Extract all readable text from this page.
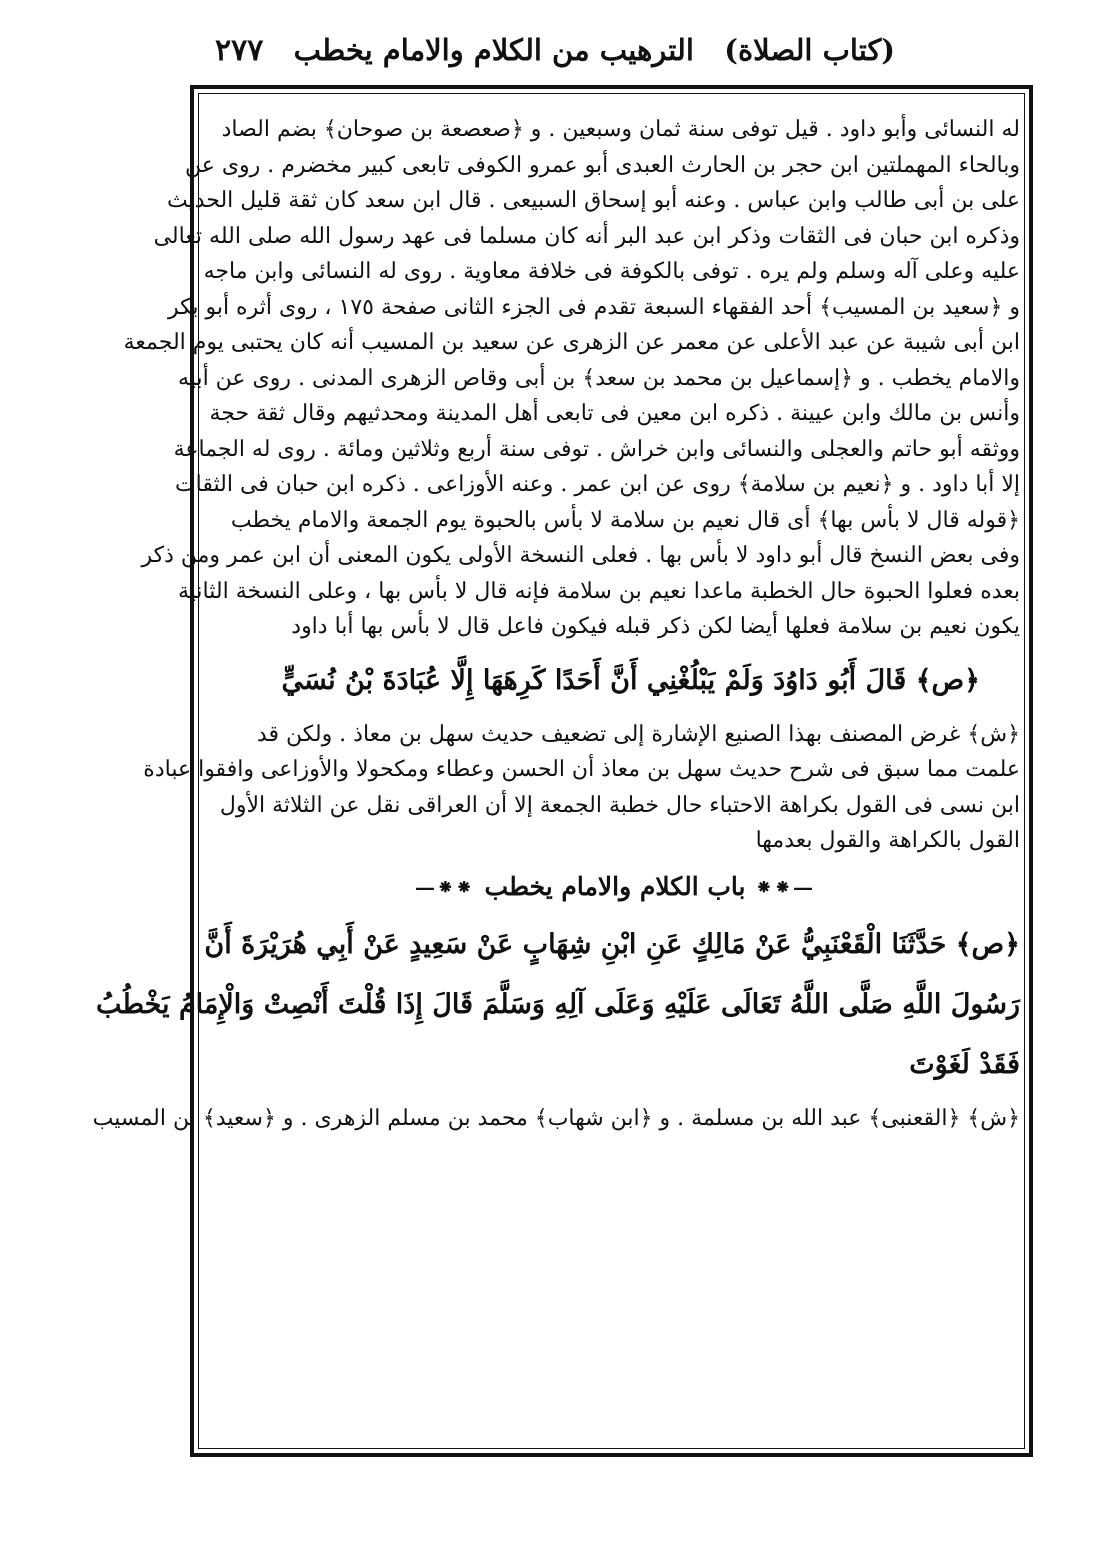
(كتاب الصلاة)
الترهيب من الكلام والامام يخطب
٢٧٧
له النسائى وأبو داود . قيل توفى سنة ثمان وسبعين . و ﴿صعصعة بن صوحان﴾ بضم الصاد
وبالحاء المهملتين ابن حجر بن الحارث العبدى أبو عمرو الكوفى تابعى كبير مخضرم . روى عن
على بن أبى طالب وابن عباس . وعنه أبو إسحاق السبيعى . قال ابن سعد كان ثقة قليل الحديث
وذكره ابن حبان فى الثقات وذكر ابن عبد البر أنه كان مسلما فى عهد رسول الله صلى الله تعالى
عليه وعلى آله وسلم ولم يره . توفى بالكوفة فى خلافة معاوية . روى له النسائى وابن ماجه
و ﴿سعيد بن المسيب﴾ أحد الفقهاء السبعة تقدم فى الجزء الثانى صفحة ١٧٥ ، روى أثره أبو بكر
ابن أبى شيبة عن عبد الأعلى عن معمر عن الزهرى عن سعيد بن المسيب أنه كان يحتبى يوم الجمعة
والامام يخطب . و ﴿إسماعيل بن محمد بن سعد﴾ بن أبى وقاص الزهرى المدنى . روى عن أبيه
وأنس بن مالك وابن عيينة . ذكره ابن معين فى تابعى أهل المدينة ومحدثيهم وقال ثقة حجة
ووثقه أبو حاتم والعجلى والنسائى وابن خراش . توفى سنة أربع وثلاثين ومائة . روى له الجماعة
إلا أبا داود . و ﴿نعيم بن سلامة﴾ روى عن ابن عمر . وعنه الأوزاعى . ذكره ابن حبان فى الثقات
﴿قوله قال لا بأس بها﴾ أى قال نعيم بن سلامة لا بأس بالحبوة يوم الجمعة والامام يخطب
وفى بعض النسخ قال أبو داود لا بأس بها . فعلى النسخة الأولى يكون المعنى أن ابن عمر ومن ذكر
بعده فعلوا الحبوة حال الخطبة ماعدا نعيم بن سلامة فإنه قال لا بأس بها ، وعلى النسخة الثانية
يكون نعيم بن سلامة فعلها أيضا لكن ذكر قبله فيكون فاعل قال لا بأس بها أبا داود
﴿ص﴾ قَالَ أَبُو دَاوُدَ وَلَمْ يَبْلُغْنِي أَنَّ أَحَدًا كَرِهَهَا إِلَّا عُبَادَةَ بْنُ نُسَيٍّ
﴿ش﴾ غرض المصنف بهذا الصنيع الإشارة إلى تضعيف حديث سهل بن معاذ . ولكن قد
علمت مما سبق فى شرح حديث سهل بن معاذ أن الحسن وعطاء ومكحولا والأوزاعى وافقوا عبادة
ابن نسى فى القول بكراهة الاحتباء حال خطبة الجمعة إلا أن العراقى نقل عن الثلاثة الأول
القول بالكراهة والقول بعدمها
—⁕⁕
باب الكلام والامام يخطب
⁕⁕—
﴿ص﴾ حَدَّثَنَا الْقَعْنَبِيُّ عَنْ مَالِكٍ عَنِ ابْنِ شِهَابٍ عَنْ سَعِيدٍ عَنْ أَبِي هُرَيْرَةَ أَنَّ
رَسُولَ اللَّهِ صَلَّى اللَّهُ تَعَالَى عَلَيْهِ وَعَلَى آلِهِ وَسَلَّمَ قَالَ إِذَا قُلْتَ أَنْصِتْ وَالْإِمَامُ يَخْطُبُ
فَقَدْ لَغَوْتَ
﴿ش﴾ ﴿القعنبى﴾ عبد الله بن مسلمة . و ﴿ابن شهاب﴾ محمد بن مسلم الزهرى . و ﴿سعيد﴾ بن المسيب
